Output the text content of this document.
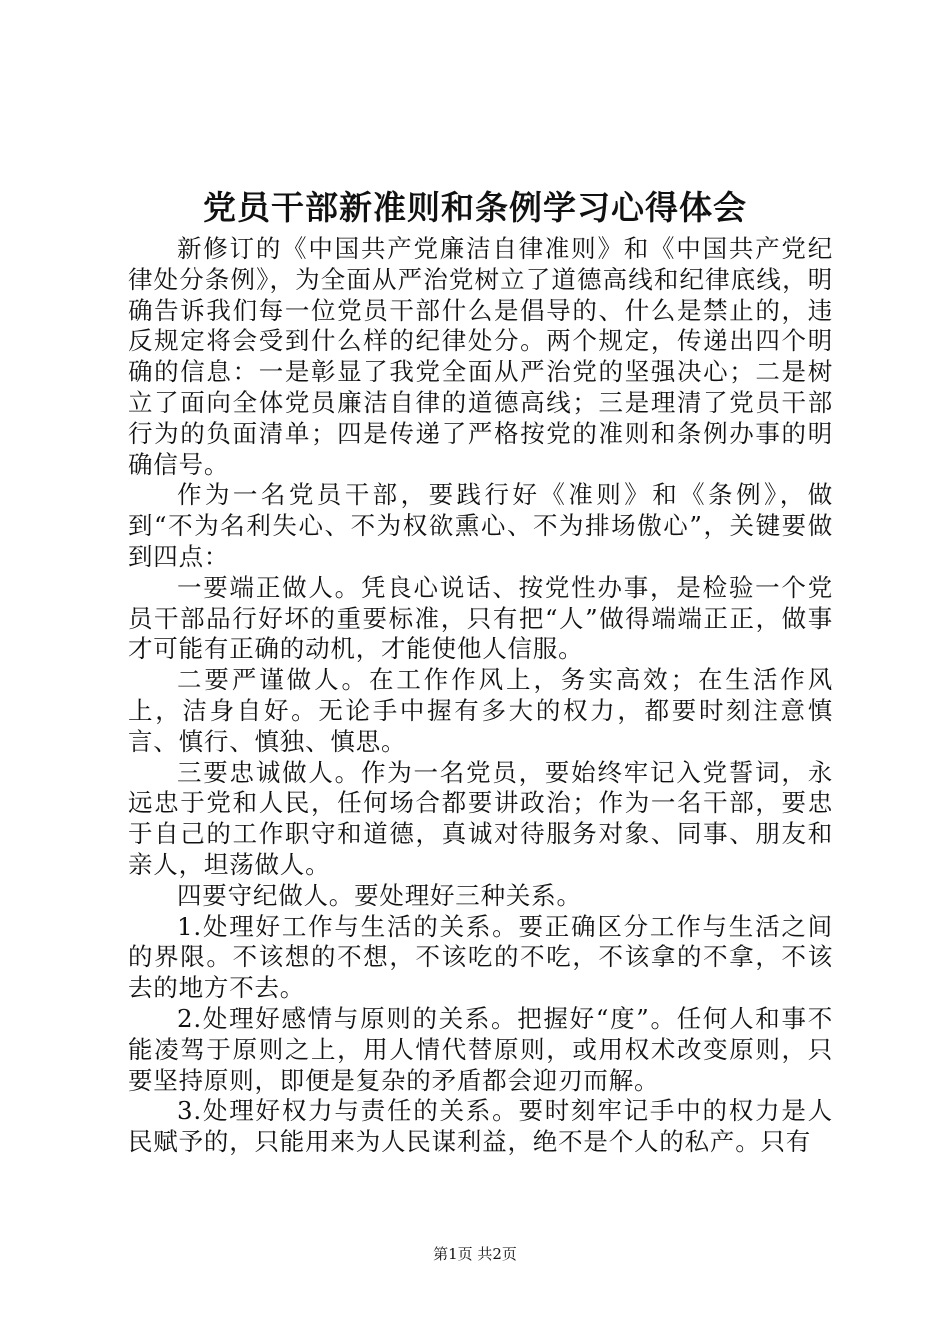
党员干部新准则和条例学习心得体会

新修订的《中国共产党廉洁自律准则》和《中国共产党纪律处分条例》，为全面从严治党树立了道德高线和纪律底线，明确告诉我们每一位党员干部什么是倡导的、什么是禁止的，违反规定将会受到什么样的纪律处分。两个规定，传递出四个明确的信息：一是彰显了我党全面从严治党的坚强决心；二是树立了面向全体党员廉洁自律的道德高线；三是理清了党员干部行为的负面清单；四是传递了严格按党的准则和条例办事的明确信号。

作为一名党员干部，要践行好《准则》和《条例》，做到“不为名利失心、不为权欲熏心、不为排场傲心”，关键要做到四点：

一要端正做人。凭良心说话、按党性办事，是检验一个党员干部品行好坏的重要标准，只有把“人”做得端端正正，做事才可能有正确的动机，才能使他人信服。

二要严谨做人。在工作作风上，务实高效；在生活作风上，洁身自好。无论手中握有多大的权力，都要时刻注意慎言、慎行、慎独、慎思。

三要忠诚做人。作为一名党员，要始终牢记入党誓词，永远忠于党和人民，任何场合都要讲政治；作为一名干部，要忠于自己的工作职守和道德，真诚对待服务对象、同事、朋友和亲人，坦荡做人。

四要守纪做人。要处理好三种关系。

1.处理好工作与生活的关系。要正确区分工作与生活之间的界限。不该想的不想，不该吃的不吃，不该拿的不拿，不该去的地方不去。

2.处理好感情与原则的关系。把握好“度”。任何人和事不能凌驾于原则之上，用人情代替原则，或用权术改变原则，只要坚持原则，即便是复杂的矛盾都会迎刃而解。

3.处理好权力与责任的关系。要时刻牢记手中的权力是人民赋予的，只能用来为人民谋利益，绝不是个人的私产。只有

第1页 共2页
